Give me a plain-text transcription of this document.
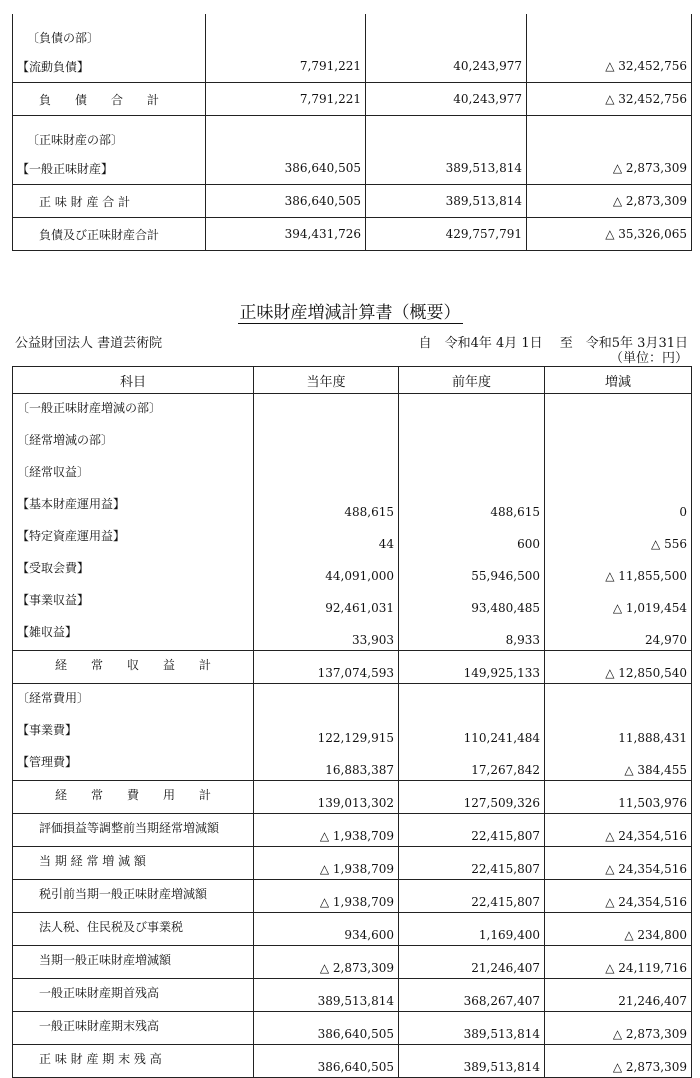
〔負債の部〕			
【流動負債】	7,791,221	40,243,977	△ 32,452,756
負　債　合　計	7,791,221	40,243,977	△ 32,452,756
〔正味財産の部〕			
【一般正味財産】	386,640,505	389,513,814	△ 2,873,309
正 味 財 産 合 計	386,640,505	389,513,814	△ 2,873,309
負債及び正味財産合計	394,431,726	429,757,791	△ 35,326,065
正味財産増減計算書（概要）
公益財団法人 書道芸術院	自　令和4年 4月 1日　 至　令和5年 3月31日
（単位：円）
科目	当年度	前年度	増減
〔一般正味財産増減の部〕			
〔経常増減の部〕			
〔経常収益〕			
【基本財産運用益】	488,615	488,615	0
【特定資産運用益】	44	600	△ 556
【受取会費】	44,091,000	55,946,500	△ 11,855,500
【事業収益】	92,461,031	93,480,485	△ 1,019,454
【雑収益】	33,903	8,933	24,970
経　常　収　益　計	137,074,593	149,925,133	△ 12,850,540
〔経常費用〕			
【事業費】	122,129,915	110,241,484	11,888,431
【管理費】	16,883,387	17,267,842	△ 384,455
経　常　費　用　計	139,013,302	127,509,326	11,503,976
評価損益等調整前当期経常増減額	△ 1,938,709	22,415,807	△ 24,354,516
当 期 経 常 増 減 額	△ 1,938,709	22,415,807	△ 24,354,516
税引前当期一般正味財産増減額	△ 1,938,709	22,415,807	△ 24,354,516
法人税、住民税及び事業税	934,600	1,169,400	△ 234,800
当期一般正味財産増減額	△ 2,873,309	21,246,407	△ 24,119,716
一般正味財産期首残高	389,513,814	368,267,407	21,246,407
一般正味財産期末残高	386,640,505	389,513,814	△ 2,873,309
正 味 財 産 期 末 残 高	386,640,505	389,513,814	△ 2,873,309
